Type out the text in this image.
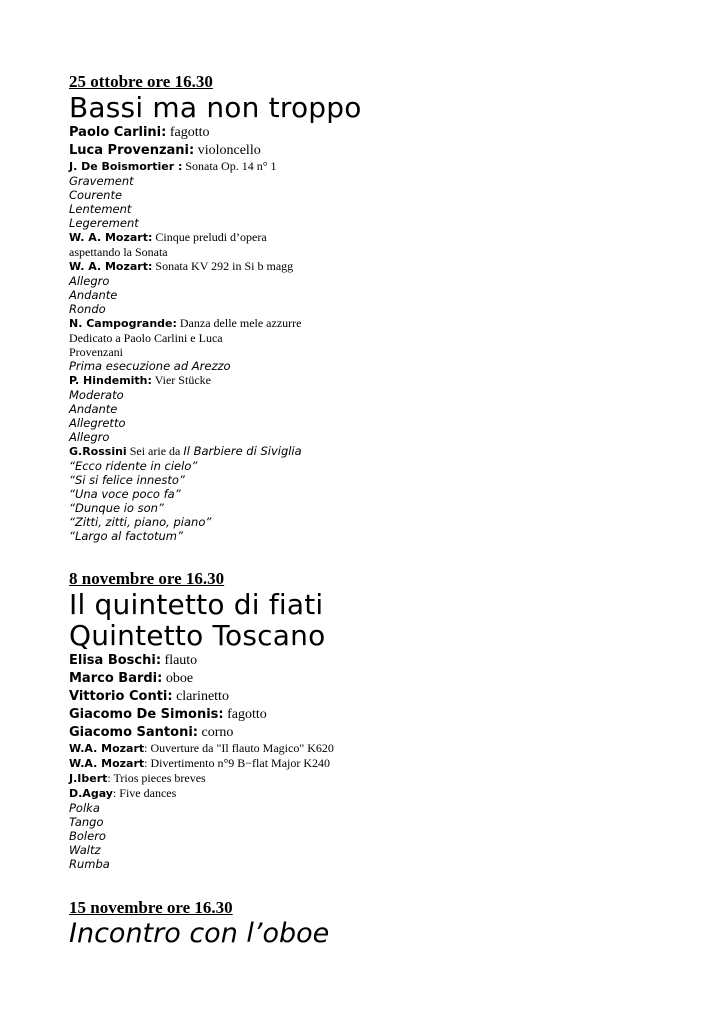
25 ottobre ore 16.30
Bassi ma non troppo
Paolo Carlini: fagotto
Luca Provenzani: violoncello
J. De Boismortier : Sonata Op. 14 n° 1
Gravement
Courente
Lentement
Legerement
W. A. Mozart: Cinque preludi d’opera
aspettando la Sonata
W. A. Mozart: Sonata KV 292 in Si b magg
Allegro
Andante
Rondo
N. Campogrande: Danza delle mele azzurre
Dedicato a Paolo Carlini e Luca
Provenzani
Prima esecuzione ad Arezzo
P. Hindemith: Vier Stücke
Moderato
Andante
Allegretto
Allegro
G.Rossini Sei arie da Il Barbiere di Siviglia
“Ecco ridente in cielo”
“Si si felice innesto”
“Una voce poco fa”
“Dunque io son”
“Zitti, zitti, piano, piano”
“Largo al factotum”
8 novembre ore 16.30
Il quintetto di fiati
Quintetto Toscano
Elisa Boschi: flauto
Marco Bardi: oboe
Vittorio Conti: clarinetto
Giacomo De Simonis: fagotto
Giacomo Santoni: corno
W.A. Mozart: Ouverture da "Il flauto Magico" K620
W.A. Mozart: Divertimento n°9 B−flat Major K240
J.Ibert: Trios pieces breves
D.Agay: Five dances
Polka
Tango
Bolero
Waltz
Rumba
15 novembre ore 16.30
Incontro con l’oboe
